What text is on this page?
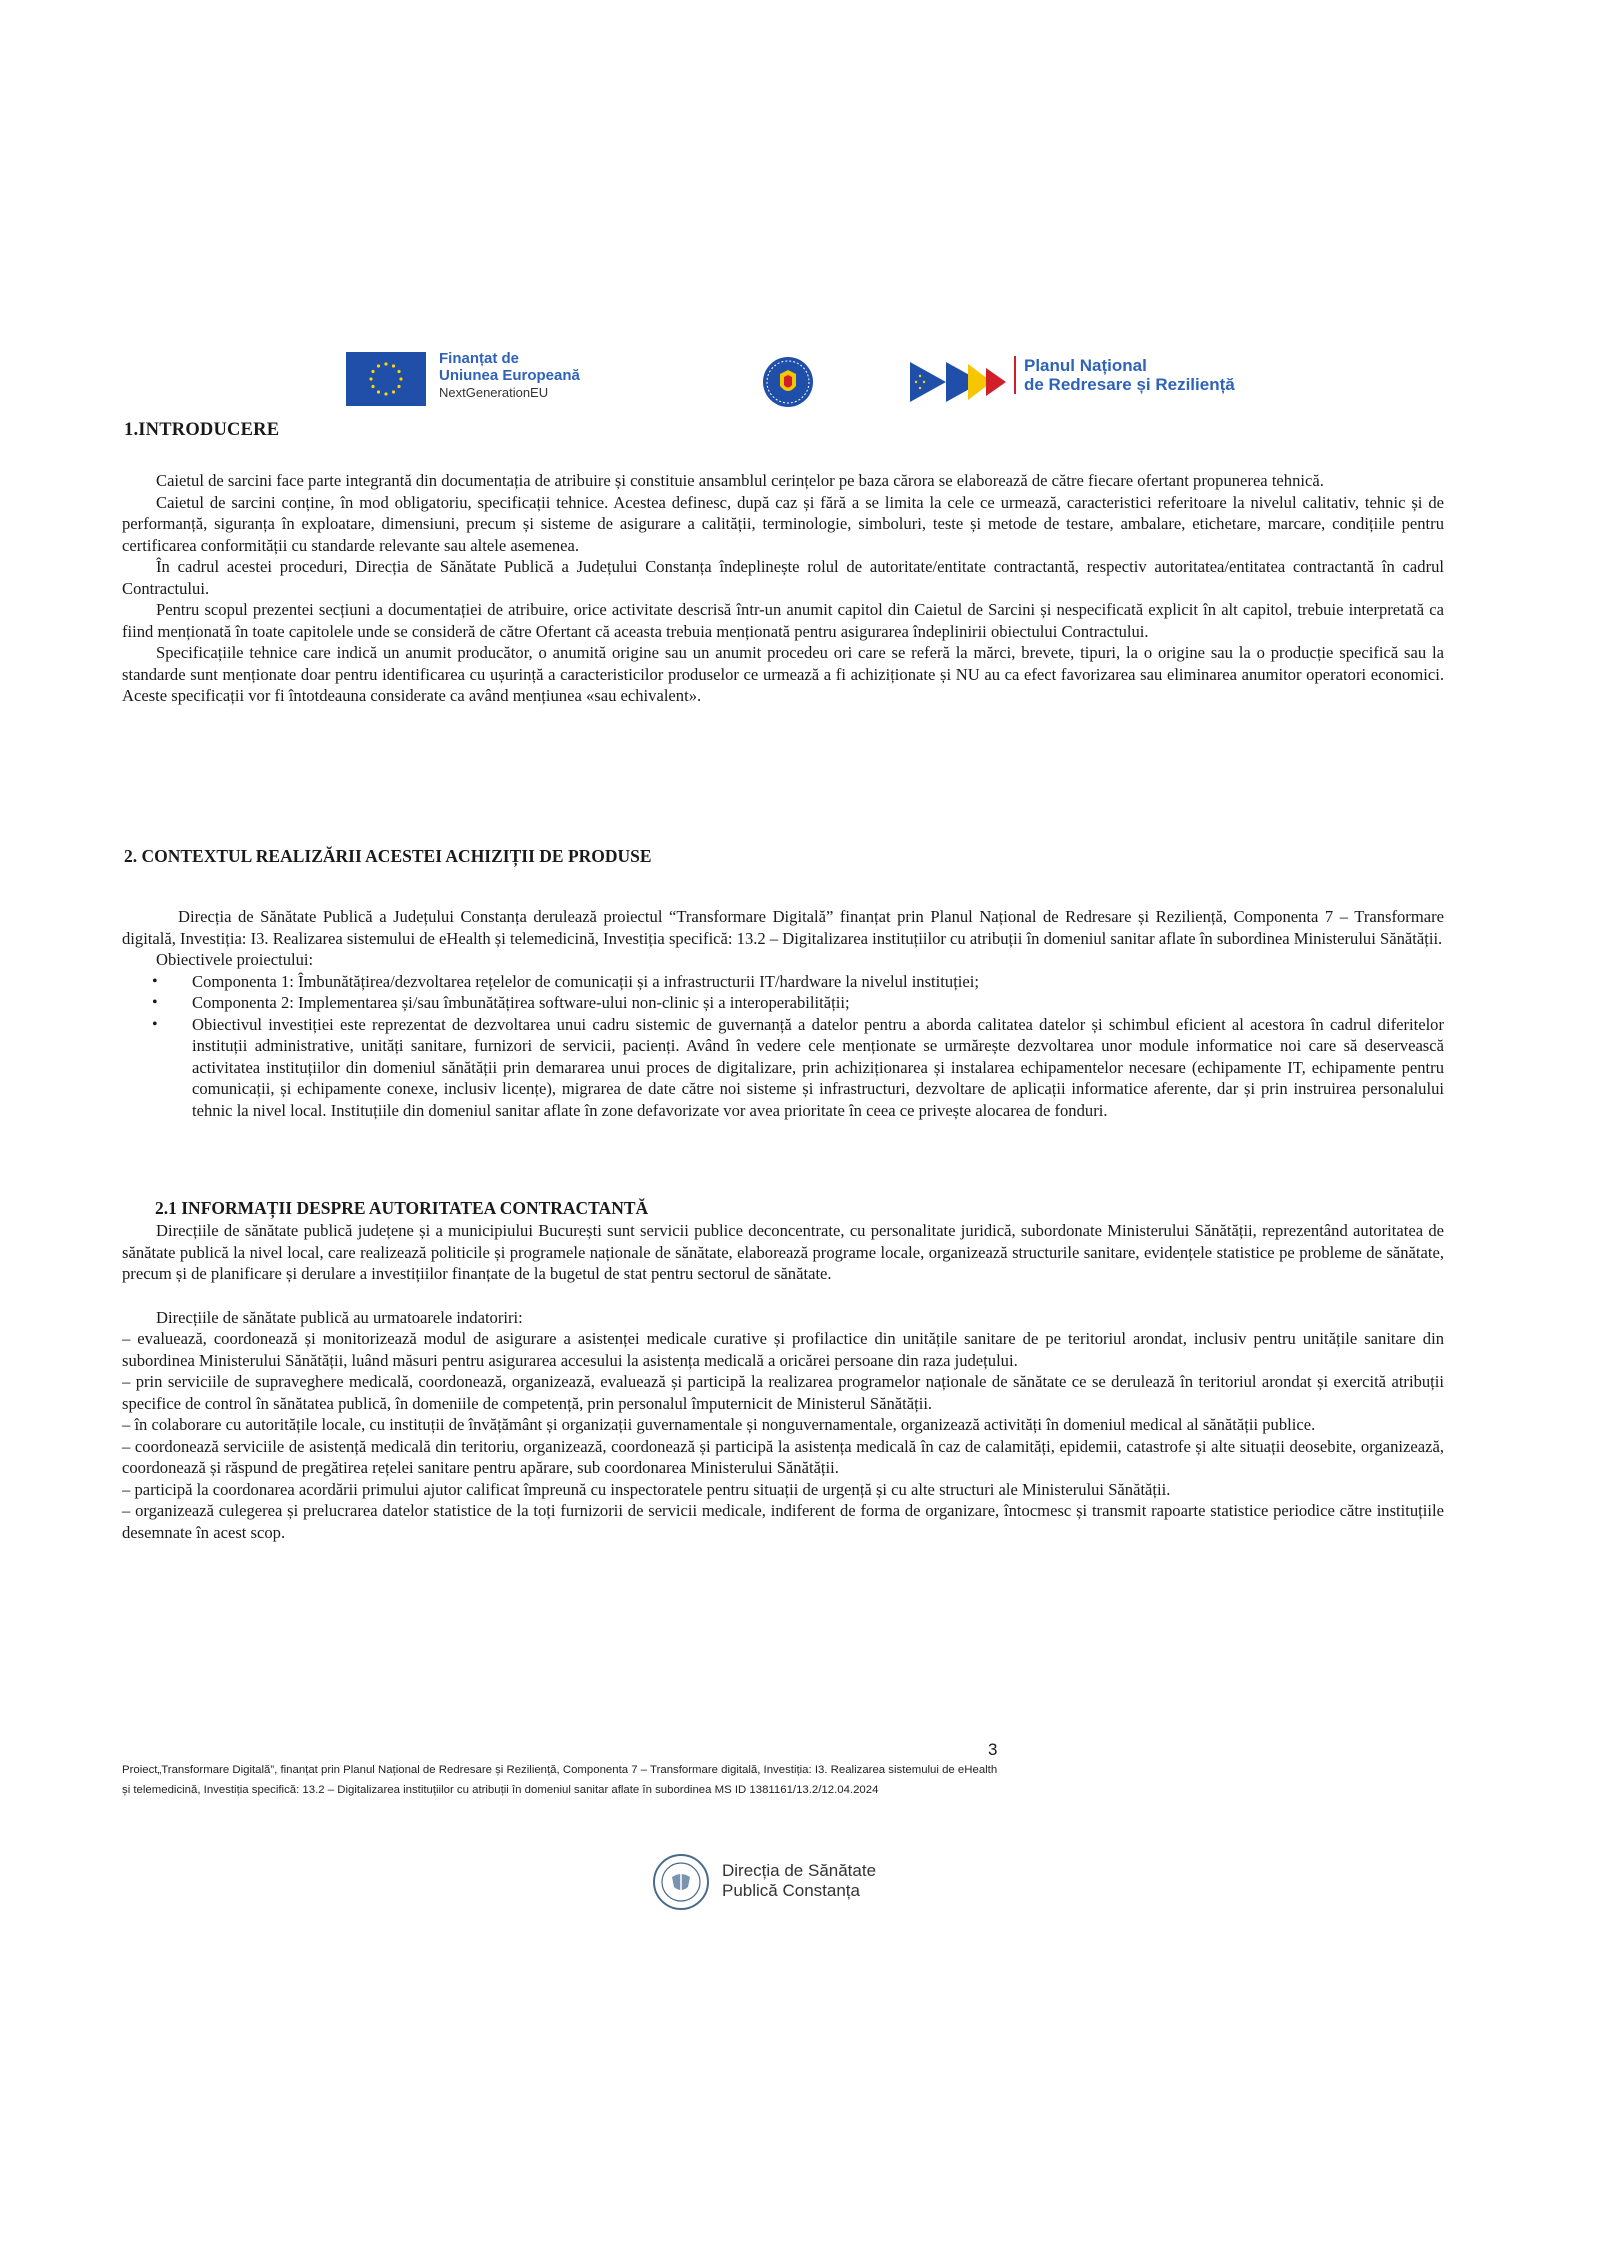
Finanțat de
Uniunea Europeană
NextGenerationEU
Planul Național
de Redresare și Reziliență
1.INTRODUCERE

Caietul de sarcini face parte integrantă din documentația de atribuire și constituie ansamblul cerințelor pe baza cărora se elaborează de către fiecare ofertant propunerea tehnică.

Caietul de sarcini conține, în mod obligatoriu, specificații tehnice. Acestea definesc, după caz și fără a se limita la cele ce urmează, caracteristici referitoare la nivelul calitativ, tehnic și de performanță, siguranța în exploatare, dimensiuni, precum și sisteme de asigurare a calității, terminologie, simboluri, teste și metode de testare, ambalare, etichetare, marcare, condițiile pentru certificarea conformității cu standarde relevante sau altele asemenea.

În cadrul acestei proceduri, Direcția de Sănătate Publică a Județului Constanța îndeplinește rolul de autoritate/entitate contractantă, respectiv autoritatea/entitatea contractantă în cadrul Contractului.

Pentru scopul prezentei secțiuni a documentației de atribuire, orice activitate descrisă într-un anumit capitol din Caietul de Sarcini și nespecificată explicit în alt capitol, trebuie interpretată ca fiind menționată în toate capitolele unde se consideră de către Ofertant că aceasta trebuia menționată pentru asigurarea îndeplinirii obiectului Contractului.

Specificațiile tehnice care indică un anumit producător, o anumită origine sau un anumit procedeu ori care se referă la mărci, brevete, tipuri, la o origine sau la o producție specifică sau la standarde sunt menționate doar pentru identificarea cu ușurință a caracteristicilor produselor ce urmează a fi achiziționate și NU au ca efect favorizarea sau eliminarea anumitor operatori economici. Aceste specificații vor fi întotdeauna considerate ca având mențiunea «sau echivalent».

2. CONTEXTUL REALIZĂRII ACESTEI ACHIZIȚII DE PRODUSE

Direcția de Sănătate Publică a Județului Constanța derulează proiectul “Transformare Digitală” finanțat prin Planul Național de Redresare și Reziliență, Componenta 7 – Transformare digitală, Investiția: I3. Realizarea sistemului de eHealth și telemedicină, Investiția specifică: 13.2 – Digitalizarea instituțiilor cu atribuții în domeniul sanitar aflate în subordinea Ministerului Sănătății.

Obiectivele proiectului:

• Componenta 1: Îmbunătățirea/dezvoltarea rețelelor de comunicații și a infrastructurii IT/hardware la nivelul instituției;
• Componenta 2: Implementarea și/sau îmbunătățirea software-ului non-clinic și a interoperabilității;
• Obiectivul investiției este reprezentat de dezvoltarea unui cadru sistemic de guvernanță a datelor pentru a aborda calitatea datelor și schimbul eficient al acestora în cadrul diferitelor instituții administrative, unități sanitare, furnizori de servicii, pacienți. Având în vedere cele menționate se urmărește dezvoltarea unor module informatice noi care să deservească activitatea instituțiilor din domeniul sănătății prin demararea unui proces de digitalizare, prin achiziționarea și instalarea echipamentelor necesare (echipamente IT, echipamente pentru comunicații, și echipamente conexe, inclusiv licențe), migrarea de date către noi sisteme și infrastructuri, dezvoltare de aplicații informatice aferente, dar și prin instruirea personalului tehnic la nivel local. Instituțiile din domeniul sanitar aflate în zone defavorizate vor avea prioritate în ceea ce privește alocarea de fonduri.
2.1 INFORMAȚII DESPRE AUTORITATEA CONTRACTANTĂ

Direcțiile de sănătate publică județene și a municipiului București sunt servicii publice deconcentrate, cu personalitate juridică, subordonate Ministerului Sănătății, reprezentând autoritatea de sănătate publică la nivel local, care realizează politicile și programele naționale de sănătate, elaborează programe locale, organizează structurile sanitare, evidențele statistice pe probleme de sănătate, precum și de planificare și derulare a investițiilor finanțate de la bugetul de stat pentru sectorul de sănătate.

Direcțiile de sănătate publică au urmatoarele indatoriri:

– evaluează, coordonează și monitorizează modul de asigurare a asistenței medicale curative și profilactice din unitățile sanitare de pe teritoriul arondat, inclusiv pentru unitățile sanitare din subordinea Ministerului Sănătății, luând măsuri pentru asigurarea accesului la asistența medicală a oricărei persoane din raza județului.

– prin serviciile de supraveghere medicală, coordonează, organizează, evaluează și participă la realizarea programelor naționale de sănătate ce se derulează în teritoriul arondat și exercită atribuții specifice de control în sănătatea publică, în domeniile de competență, prin personalul împuternicit de Ministerul Sănătății.

– în colaborare cu autoritățile locale, cu instituții de învățământ și organizații guvernamentale și nonguvernamentale, organizează activități în domeniul medical al sănătății publice.

– coordonează serviciile de asistență medicală din teritoriu, organizează, coordonează și participă la asistența medicală în caz de calamități, epidemii, catastrofe și alte situații deosebite, organizează, coordonează și răspund de pregătirea rețelei sanitare pentru apărare, sub coordonarea Ministerului Sănătății.

– participă la coordonarea acordării primului ajutor calificat împreună cu inspectoratele pentru situații de urgență și cu alte structuri ale Ministerului Sănătății.

– organizează culegerea și prelucrarea datelor statistice de la toți furnizorii de servicii medicale, indiferent de forma de organizare, întocmesc și transmit rapoarte statistice periodice către instituțiile desemnate în acest scop.

3
Proiect„Transformare Digitală”, finanțat prin Planul Național de Redresare și Reziliență, Componenta 7 – Transformare digitală, Investiția: I3. Realizarea sistemului de eHealth și telemedicină, Investiția specifică: 13.2 – Digitalizarea instituțiilor cu atribuții în domeniul sanitar aflate în subordinea MS ID 1381161/13.2/12.04.2024
Direcția de Sănătate
Publică Constanța
